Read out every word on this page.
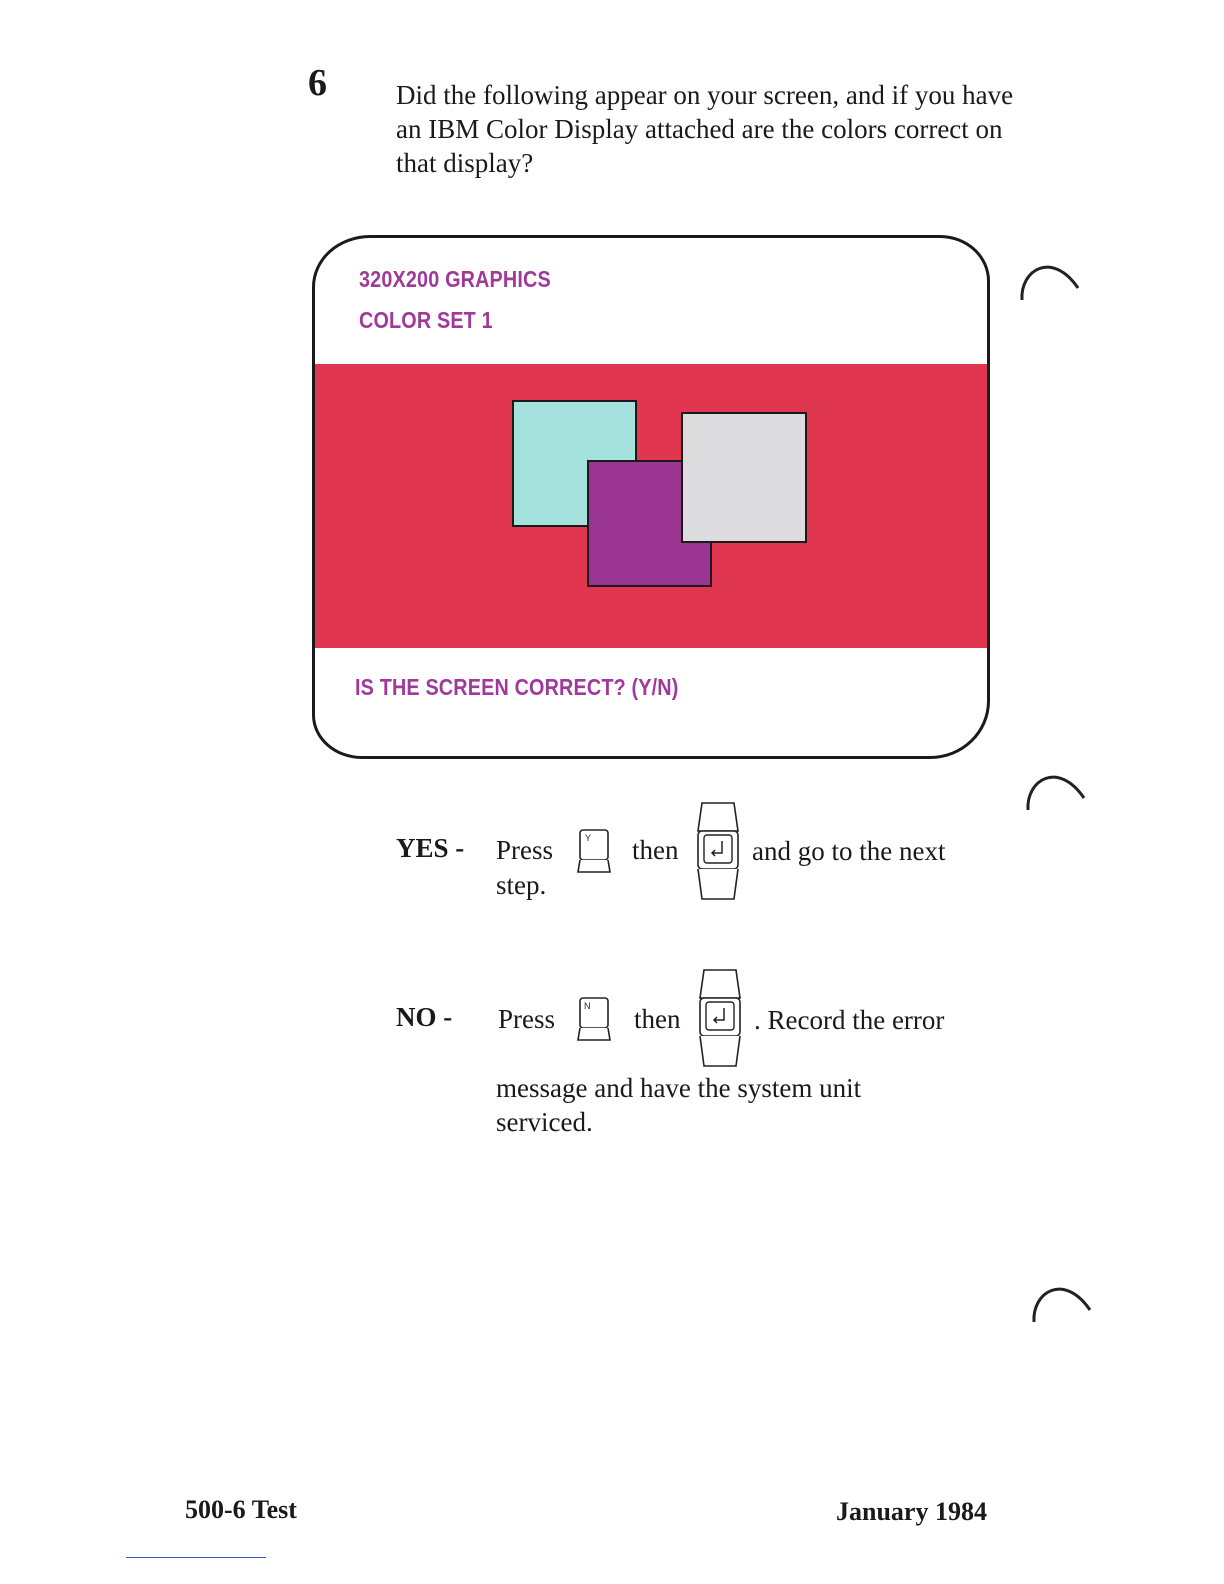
6	Did the following appear on your screen, and if you have an IBM Color Display attached are the colors correct on that display?
320X200 GRAPHICS
COLOR SET 1
IS THE SCREEN CORRECT? (Y/N)
YES - Press	Y then	and go to the next
step.
NO - Press	N then	. Record the error
message and have the system unit
serviced.
500-6 Test	January 1984
